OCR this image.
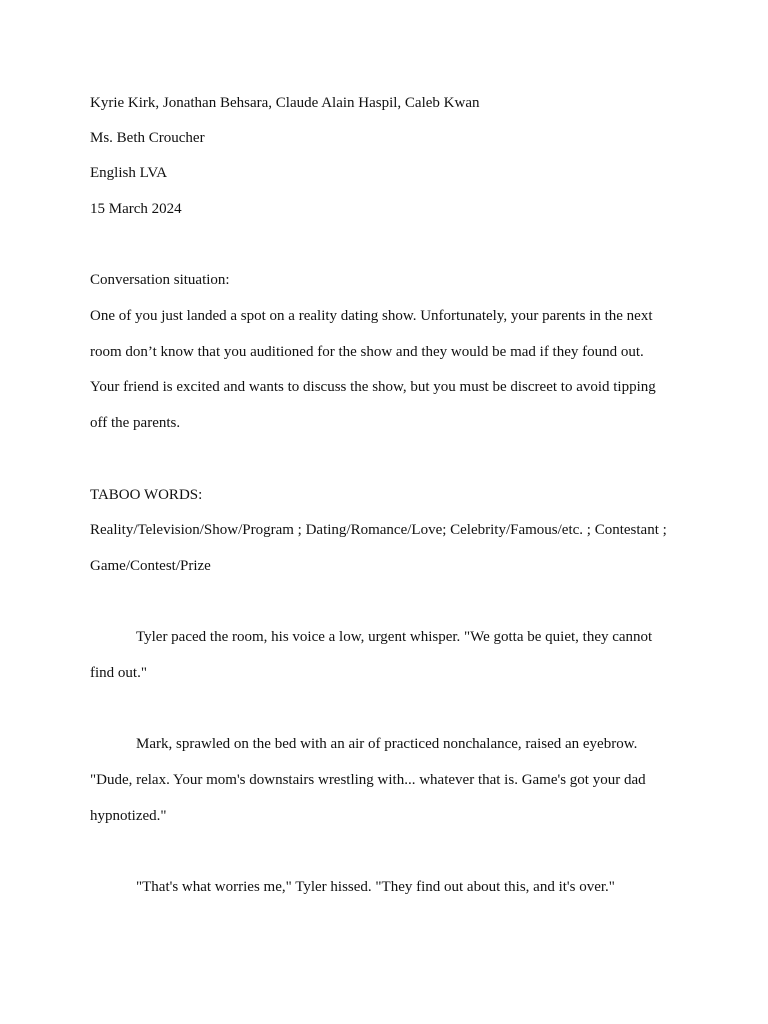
Kyrie Kirk, Jonathan Behsara, Claude Alain Haspil, Caleb Kwan
Ms. Beth Croucher
English LVA
15 March 2024
Conversation situation:
One of you just landed a spot on a reality dating show. Unfortunately, your parents in the next
room don’t know that you auditioned for the show and they would be mad if they found out.
Your friend is excited and wants to discuss the show, but you must be discreet to avoid tipping
off the parents.
TABOO WORDS:
Reality/Television/Show/Program ; Dating/Romance/Love; Celebrity/Famous/etc. ; Contestant ;
Game/Contest/Prize
Tyler paced the room, his voice a low, urgent whisper. "We gotta be quiet, they cannot
find out."
Mark, sprawled on the bed with an air of practiced nonchalance, raised an eyebrow.
"Dude, relax. Your mom's downstairs wrestling with... whatever that is. Game's got your dad
hypnotized."
"That's what worries me," Tyler hissed. "They find out about this, and it's over."
